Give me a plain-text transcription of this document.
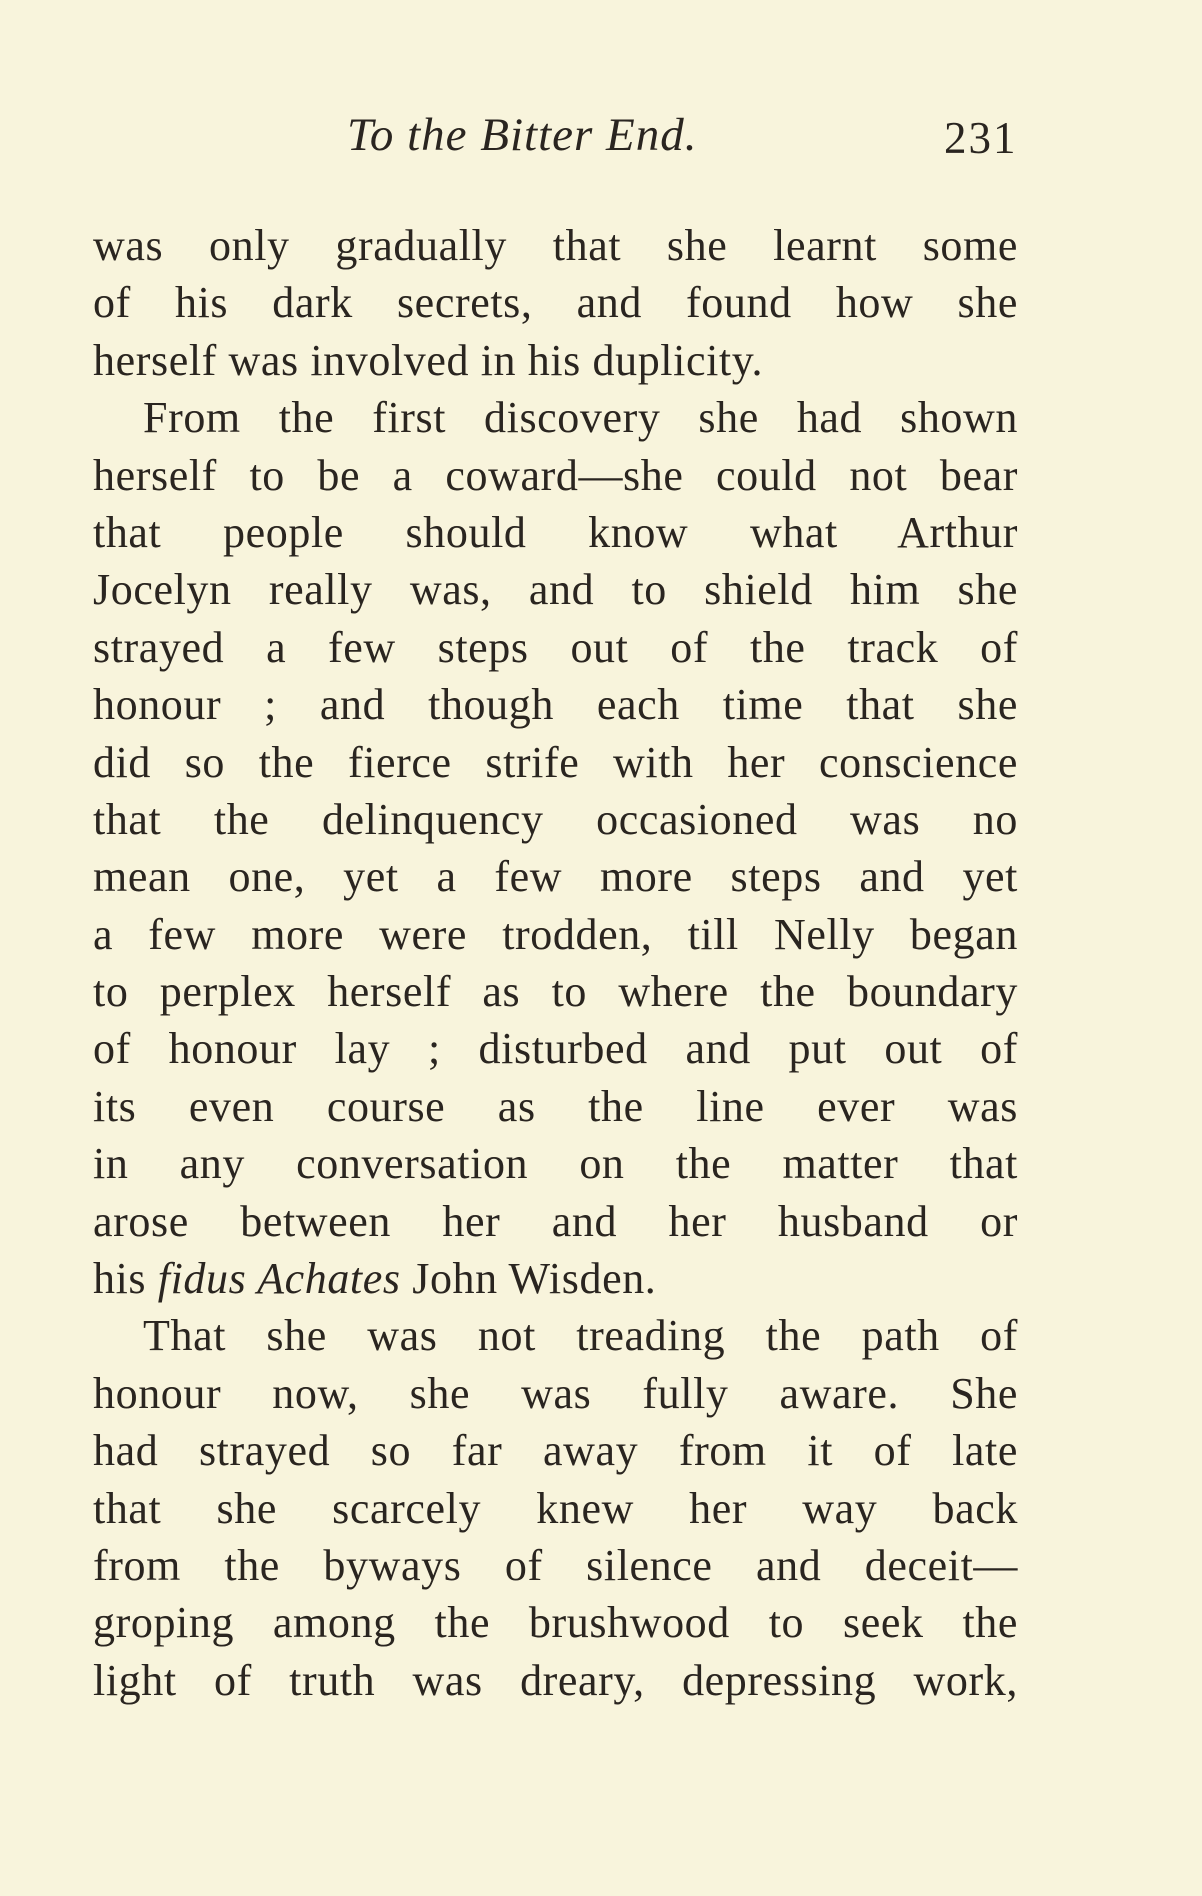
To the Bitter End.	231
was only gradually that she learnt some
of his dark secrets, and found how she
herself was involved in his duplicity.
From the first discovery she had shown
herself to be a coward—she could not bear
that people should know what Arthur
Jocelyn really was, and to shield him she
strayed a few steps out of the track of
honour ; and though each time that she
did so the fierce strife with her conscience
that the delinquency occasioned was no
mean one, yet a few more steps and yet
a few more were trodden, till Nelly began
to perplex herself as to where the boundary
of honour lay ; disturbed and put out of
its even course as the line ever was
in any conversation on the matter that
arose between her and her husband or
his fidus Achates John Wisden.
That she was not treading the path of
honour now, she was fully aware. She
had strayed so far away from it of late
that she scarcely knew her way back
from the byways of silence and deceit—
groping among the brushwood to seek the
light of truth was dreary, depressing work,
